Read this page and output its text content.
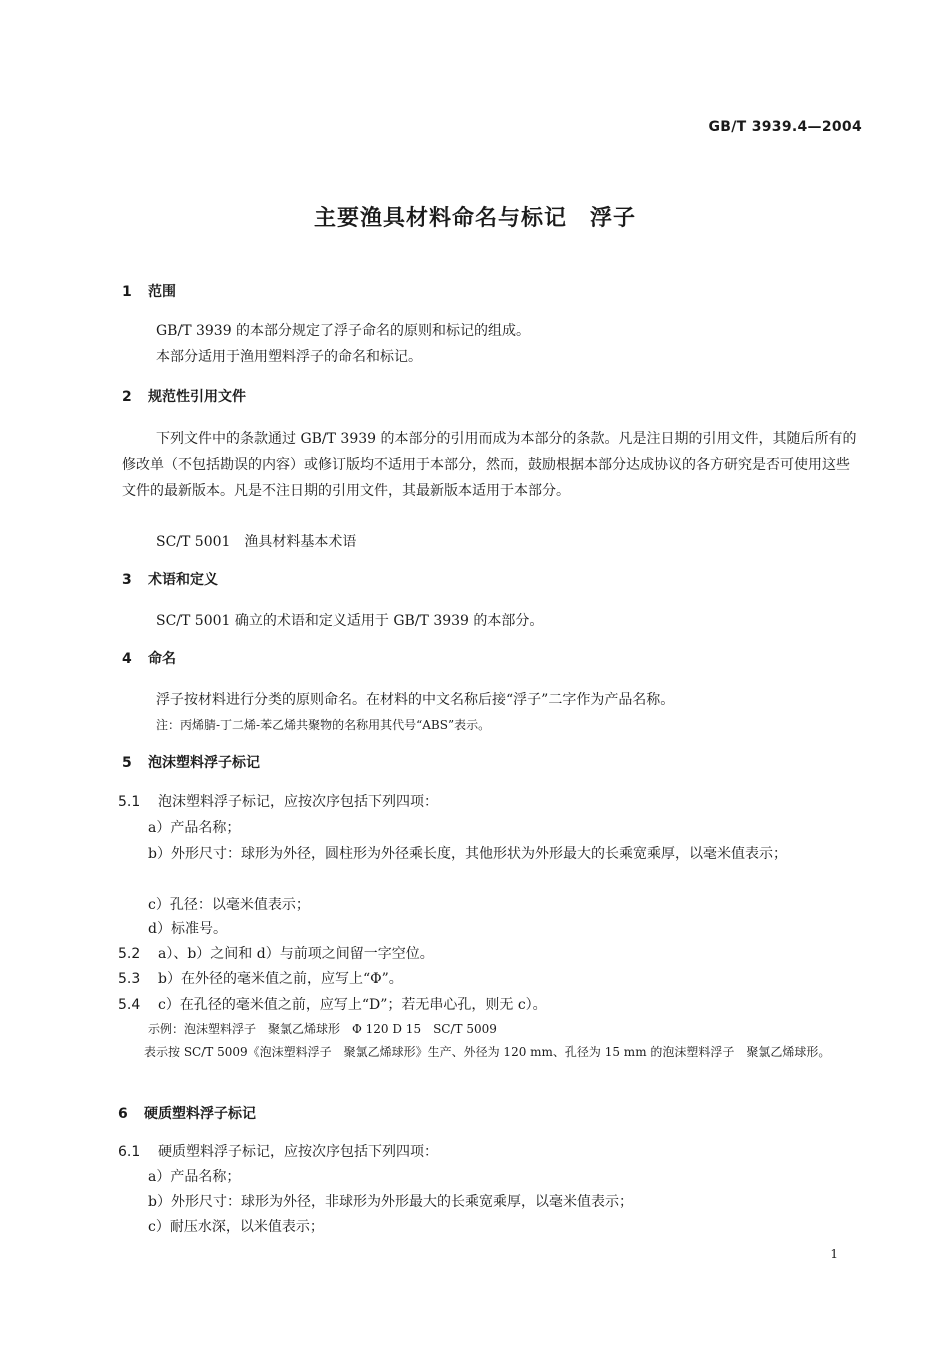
GB/T 3939.4—2004
主要渔具材料命名与标记　浮子
1 范围
GB/T 3939 的本部分规定了浮子命名的原则和标记的组成。
本部分适用于渔用塑料浮子的命名和标记。
2 规范性引用文件
下列文件中的条款通过 GB/T 3939 的本部分的引用而成为本部分的条款。凡是注日期的引用文件，其随后所有的修改单（不包括勘误的内容）或修订版均不适用于本部分，然而，鼓励根据本部分达成协议的各方研究是否可使用这些文件的最新版本。凡是不注日期的引用文件，其最新版本适用于本部分。
SC/T 5001　渔具材料基本术语
3 术语和定义
SC/T 5001 确立的术语和定义适用于 GB/T 3939 的本部分。
4 命名
浮子按材料进行分类的原则命名。在材料的中文名称后接“浮子”二字作为产品名称。
注：丙烯腈-丁二烯-苯乙烯共聚物的名称用其代号“ABS”表示。
5 泡沫塑料浮子标记
5.1 泡沫塑料浮子标记，应按次序包括下列四项：
a）产品名称；
b）外形尺寸：球形为外径，圆柱形为外径乘长度，其他形状为外形最大的长乘宽乘厚，以毫米值表示；
c）孔径：以毫米值表示；
d）标准号。
5.2 a）、b）之间和 d）与前项之间留一字空位。
5.3 b）在外径的毫米值之前，应写上“Φ”。
5.4 c）在孔径的毫米值之前，应写上“D”；若无串心孔，则无 c）。
示例：泡沫塑料浮子　聚氯乙烯球形　Φ 120 D 15　SC/T 5009
表示按 SC/T 5009《泡沫塑料浮子　聚氯乙烯球形》生产、外径为 120 mm、孔径为 15 mm 的泡沫塑料浮子　聚氯乙烯球形。
6 硬质塑料浮子标记
6.1 硬质塑料浮子标记，应按次序包括下列四项：
a）产品名称；
b）外形尺寸：球形为外径，非球形为外形最大的长乘宽乘厚，以毫米值表示；
c）耐压水深，以米值表示；
1
